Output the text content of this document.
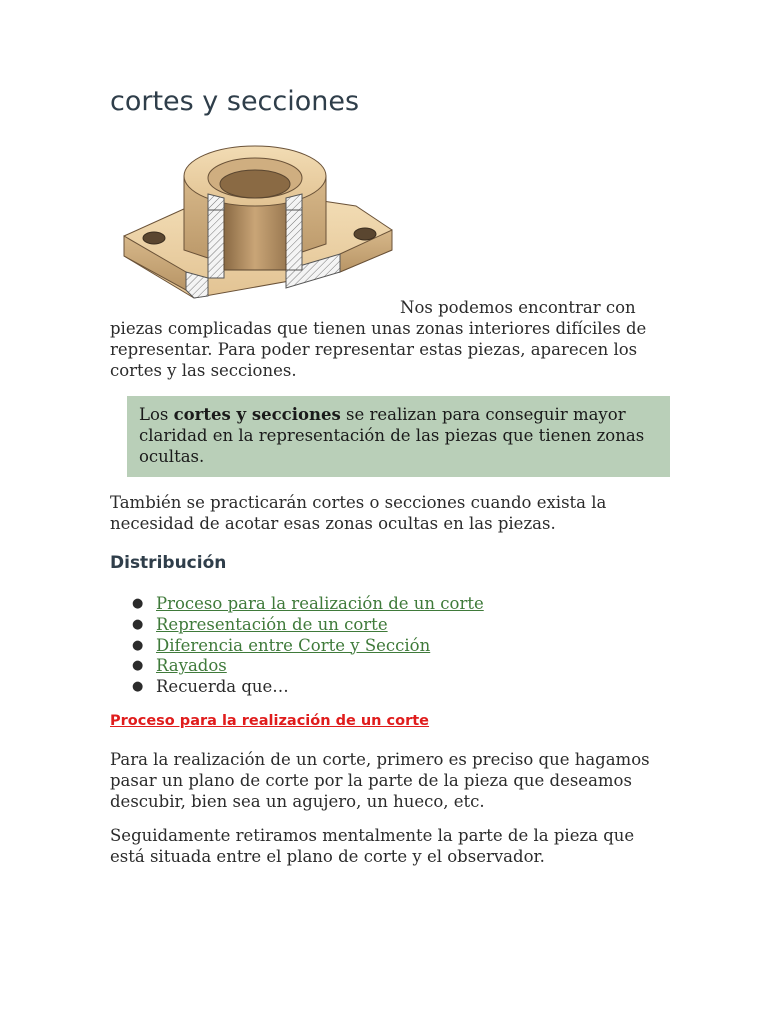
cortes y secciones

Nos podemos encontrar con
piezas complicadas que tienen unas zonas interiores difíciles de representar. Para poder representar estas piezas, aparecen los cortes y las secciones.

Los cortes y secciones se realizan para conseguir mayor claridad en la representación de las piezas que tienen zonas ocultas.

También se practicarán cortes o secciones cuando exista la necesidad de acotar esas zonas ocultas en las piezas.

Distribución
● Proceso para la realización de un corte
● Representación de un corte
● Diferencia entre Corte y Sección
● Rayados
● Recuerda que…
Proceso para la realización de un corte

Para la realización de un corte, primero es preciso que hagamos pasar un plano de corte por la parte de la pieza que deseamos descubir, bien sea un agujero, un hueco, etc.

Seguidamente retiramos mentalmente la parte de la pieza que está situada entre el plano de corte y el observador.
